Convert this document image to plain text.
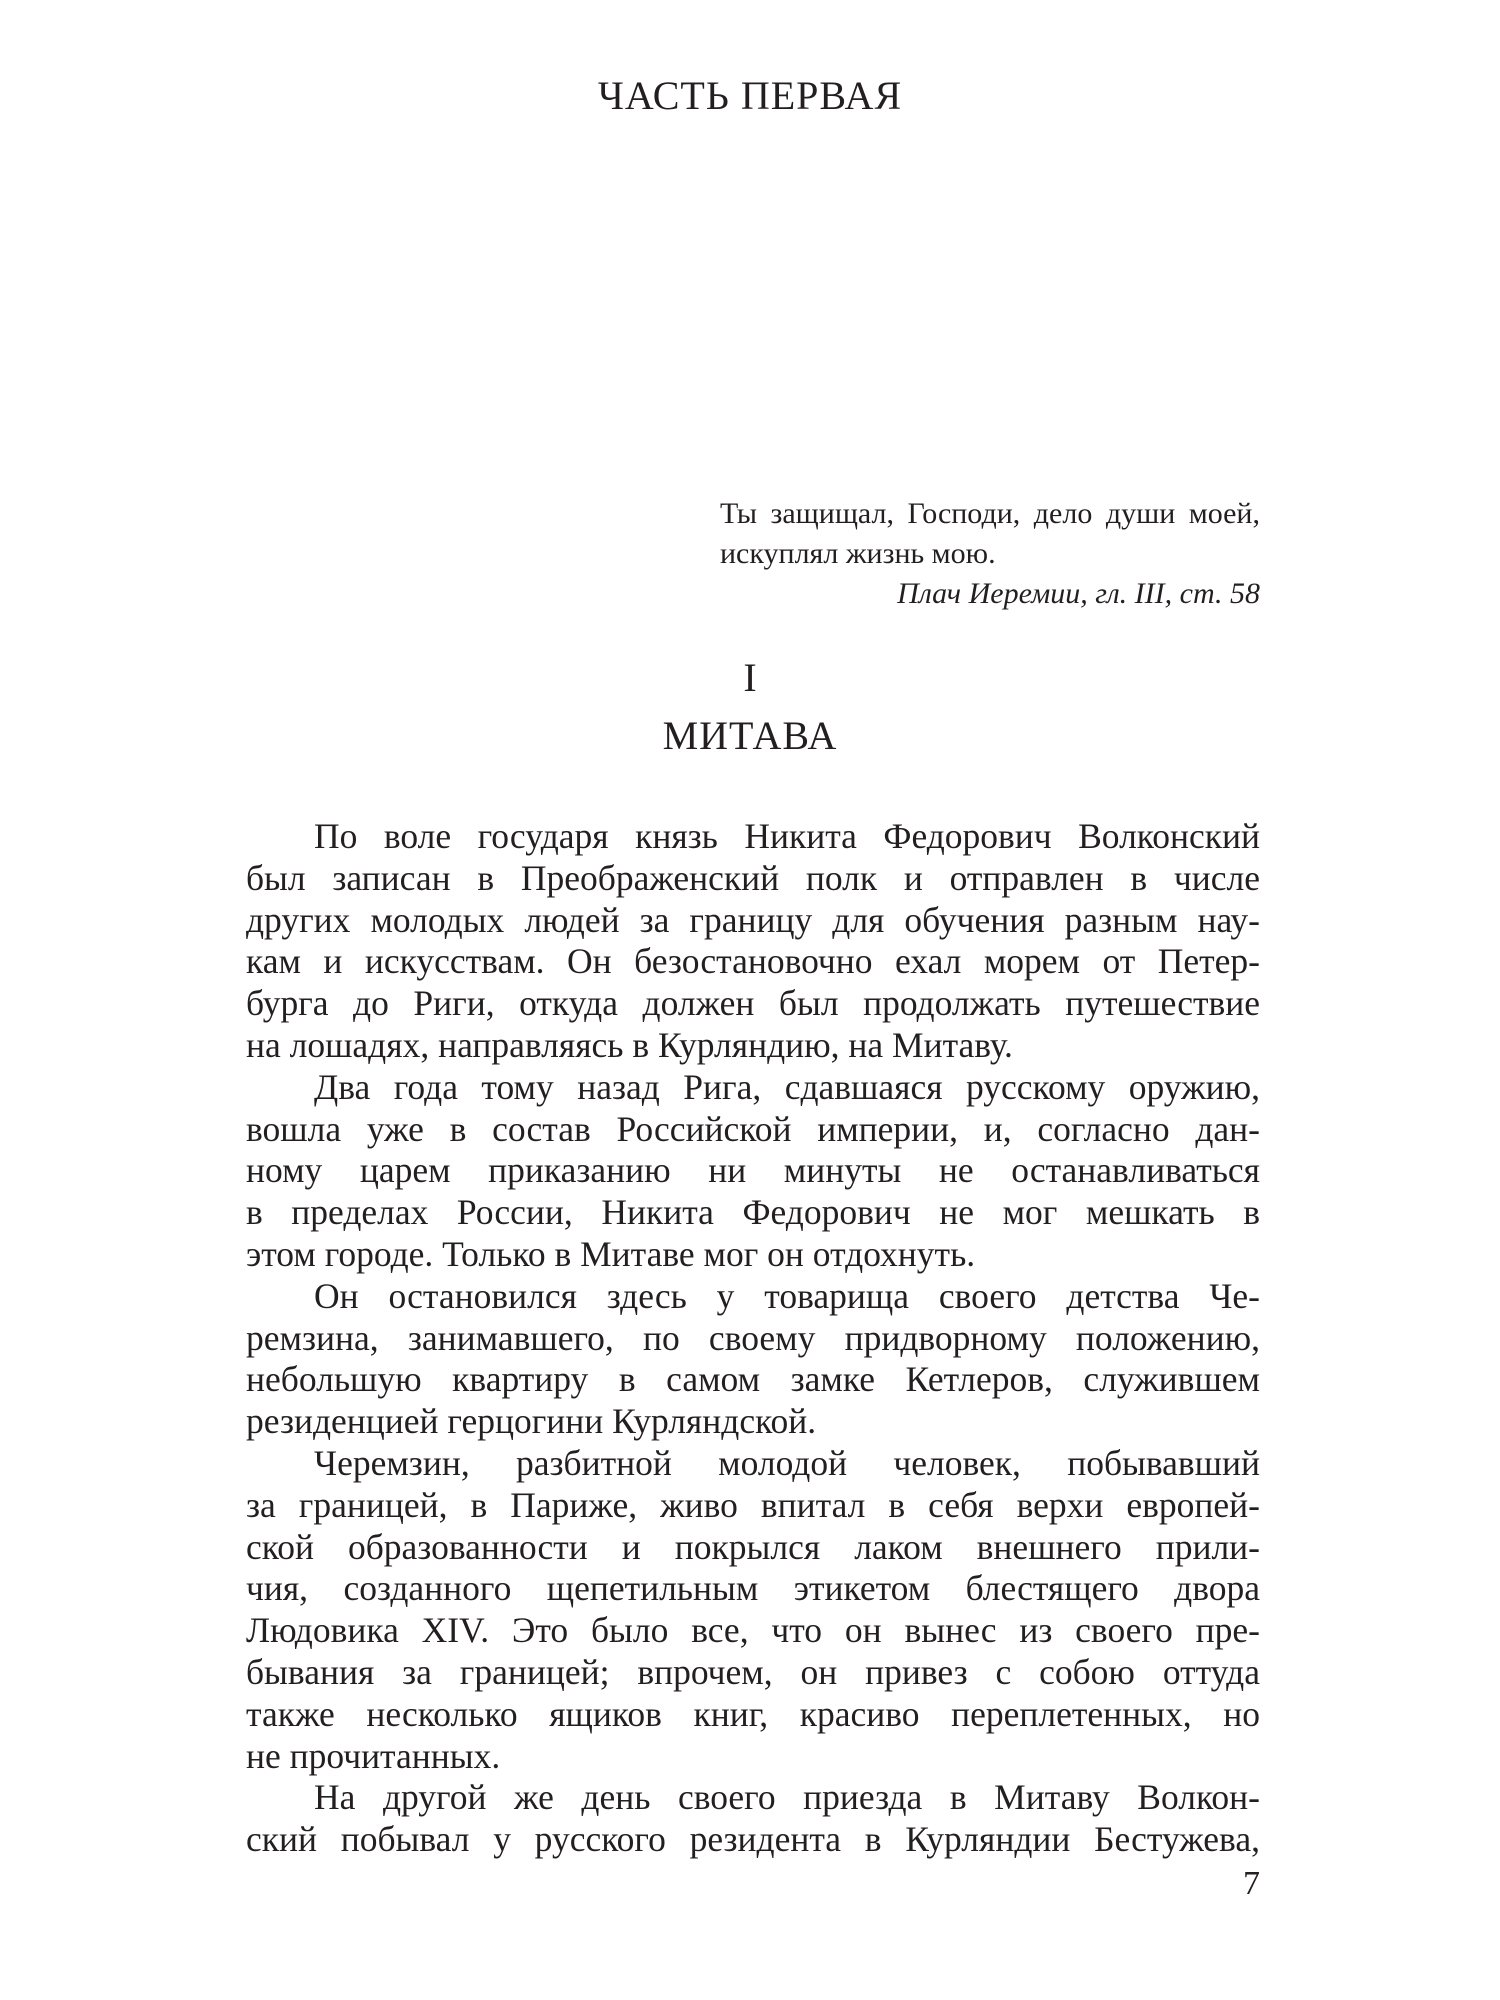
ЧАСТЬ ПЕРВАЯ

Ты защищал, Господи, дело души моей, искуплял жизнь мою.

Плач Иеремии, гл. III, ст. 58

I
МИТАВА
По воле государя князь Никита Федорович Волконский
был записан в Преображенский полк и отправлен в числе
других молодых людей за границу для обучения разным нау-
кам и искусствам. Он безостановочно ехал морем от Петер-
бурга до Риги, откуда должен был продолжать путешествие
на лошадях, направляясь в Курляндию, на Митаву.
Два года тому назад Рига, сдавшаяся русскому оружию,
вошла уже в состав Российской империи, и, согласно дан-
ному царем приказанию ни минуты не останавливаться
в пределах России, Никита Федорович не мог мешкать в
этом городе. Только в Митаве мог он отдохнуть.
Он остановился здесь у товарища своего детства Че-
ремзина, занимавшего, по своему придворному положению,
небольшую квартиру в самом замке Кетлеров, служившем
резиденцией герцогини Курляндской.
Черемзин, разбитной молодой человек, побывавший
за границей, в Париже, живо впитал в себя верхи европей-
ской образованности и покрылся лаком внешнего прили-
чия, созданного щепетильным этикетом блестящего двора
Людовика XIV. Это было все, что он вынес из своего пре-
бывания за границей; впрочем, он привез с собою оттуда
также несколько ящиков книг, красиво переплетенных, но
не прочитанных.
На другой же день своего приезда в Митаву Волкон-
ский побывал у русского резидента в Курляндии Бестужева,

7
